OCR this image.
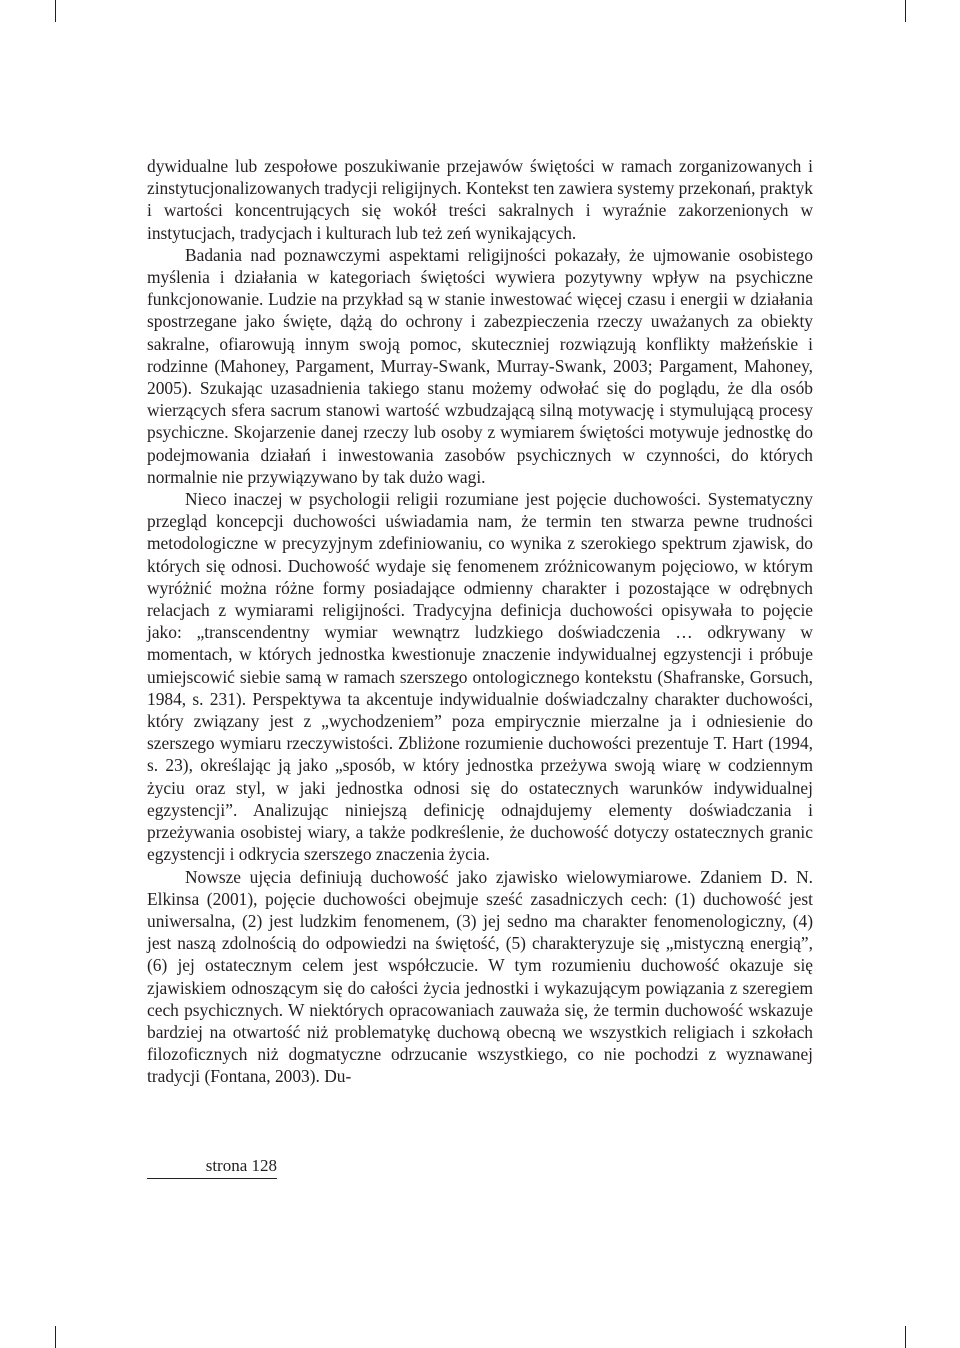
dywidualne lub zespołowe poszukiwanie przejawów świętości w ramach zorganizowanych i zinstytucjonalizowanych tradycji religijnych. Kontekst ten zawiera systemy przekonań, praktyk i wartości koncentrujących się wokół treści sakralnych i wyraźnie zakorzenionych w instytucjach, tradycjach i kulturach lub też zeń wynikających.

Badania nad poznawczymi aspektami religijności pokazały, że ujmowanie osobistego myślenia i działania w kategoriach świętości wywiera pozytywny wpływ na psychiczne funkcjonowanie. Ludzie na przykład są w stanie inwestować więcej czasu i energii w działania spostrzegane jako święte, dążą do ochrony i zabezpieczenia rzeczy uważanych za obiekty sakralne, ofiarowują innym swoją pomoc, skuteczniej rozwiązują konflikty małżeńskie i rodzinne (Mahoney, Pargament, Murray-Swank, Murray-Swank, 2003; Pargament, Mahoney, 2005). Szukając uzasadnienia takiego stanu możemy odwołać się do poglądu, że dla osób wierzących sfera sacrum stanowi wartość wzbudzającą silną motywację i stymulującą procesy psychiczne. Skojarzenie danej rzeczy lub osoby z wymiarem świętości motywuje jednostkę do podejmowania działań i inwestowania zasobów psychicznych w czynności, do których normalnie nie przywiązywano by tak dużo wagi.

Nieco inaczej w psychologii religii rozumiane jest pojęcie duchowości. Systematyczny przegląd koncepcji duchowości uświadamia nam, że termin ten stwarza pewne trudności metodologiczne w precyzyjnym zdefiniowaniu, co wynika z szerokiego spektrum zjawisk, do których się odnosi. Duchowość wydaje się fenomenem zróżnicowanym pojęciowo, w którym wyróżnić można różne formy posiadające odmienny charakter i pozostające w odrębnych relacjach z wymiarami religijności. Tradycyjna definicja duchowości opisywała to pojęcie jako: „transcendentny wymiar wewnątrz ludzkiego doświadczenia … odkrywany w momentach, w których jednostka kwestionuje znaczenie indywidualnej egzystencji i próbuje umiejscowić siebie samą w ramach szerszego ontologicznego kontekstu (Shafranske, Gorsuch, 1984, s. 231). Perspektywa ta akcentuje indywidualnie doświadczalny charakter duchowości, który związany jest z „wychodzeniem” poza empirycznie mierzalne ja i odniesienie do szerszego wymiaru rzeczywistości. Zbliżone rozumienie duchowości prezentuje T. Hart (1994, s. 23), określając ją jako „sposób, w który jednostka przeżywa swoją wiarę w codziennym życiu oraz styl, w jaki jednostka odnosi się do ostatecznych warunków indywidualnej egzystencji”. Analizując niniejszą definicję odnajdujemy elementy doświadczania i przeżywania osobistej wiary, a także podkreślenie, że duchowość dotyczy ostatecznych granic egzystencji i odkrycia szerszego znaczenia życia.

Nowsze ujęcia definiują duchowość jako zjawisko wielowymiarowe. Zdaniem D. N. Elkinsa (2001), pojęcie duchowości obejmuje sześć zasadniczych cech: (1) duchowość jest uniwersalna, (2) jest ludzkim fenomenem, (3) jej sedno ma charakter fenomenologiczny, (4) jest naszą zdolnością do odpowiedzi na świętość, (5) charakteryzuje się „mistyczną energią”, (6) jej ostatecznym celem jest współczucie. W tym rozumieniu duchowość okazuje się zjawiskiem odnoszącym się do całości życia jednostki i wykazującym powiązania z szeregiem cech psychicznych. W niektórych opracowaniach zauważa się, że termin duchowość wskazuje bardziej na otwartość niż problematykę duchową obecną we wszystkich religiach i szkołach filozoficznych niż dogmatyczne odrzucanie wszystkiego, co nie pochodzi z wyznawanej tradycji (Fontana, 2003). Du-

strona 128
